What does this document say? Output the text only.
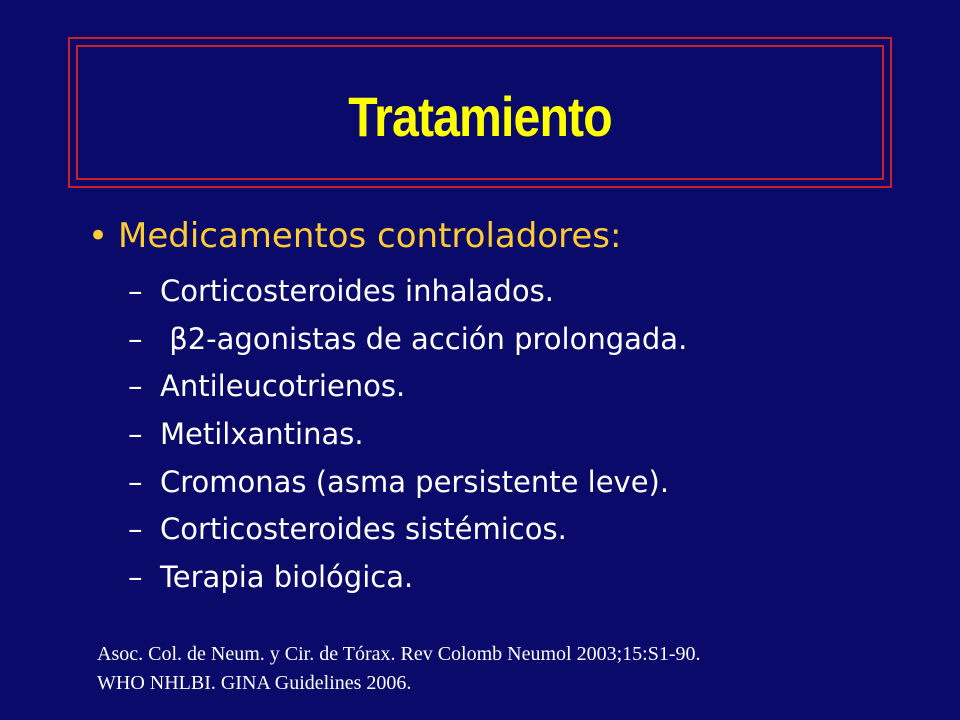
Tratamiento
• Medicamentos controladores:
– Corticosteroides inhalados.
– β2-agonistas de acción prolongada.
– Antileucotrienos.
– Metilxantinas.
– Cromonas (asma persistente leve).
– Corticosteroides sistémicos.
– Terapia biológica.
Asoc. Col. de Neum. y Cir. de Tórax. Rev Colomb Neumol 2003;15:S1-90.
WHO NHLBI. GINA Guidelines 2006.
